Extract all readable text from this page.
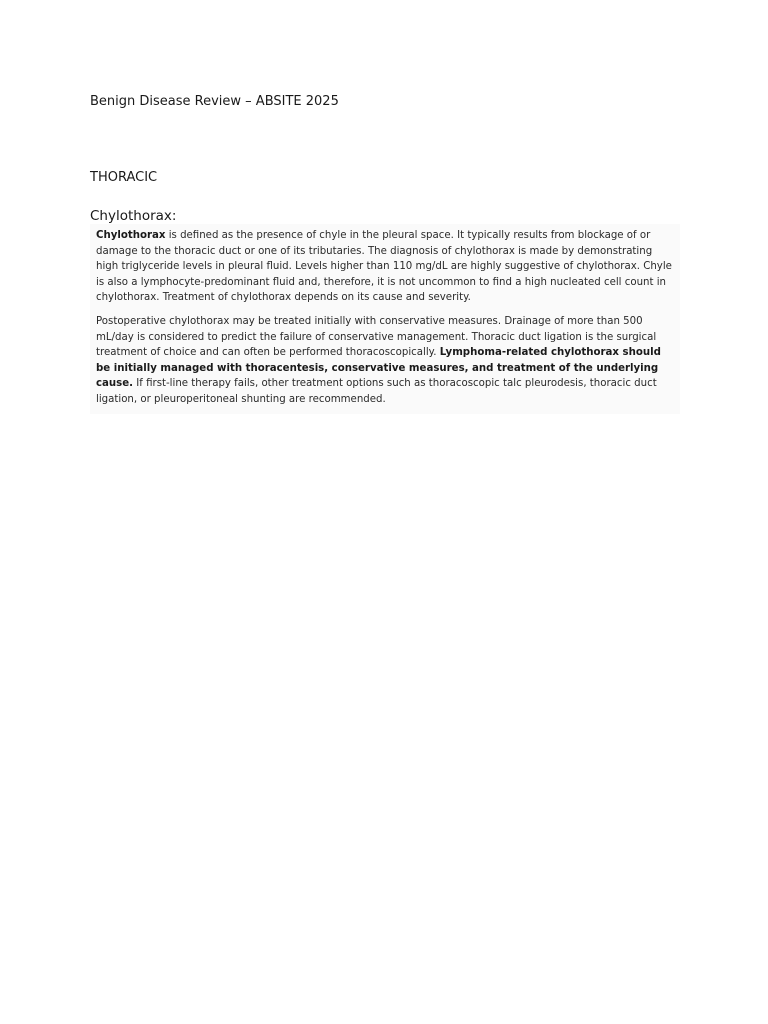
Benign Disease Review – ABSITE 2025
THORACIC
Chylothorax:

Chylothorax is defined as the presence of chyle in the pleural space. It typically results from blockage of or damage to the thoracic duct or one of its tributaries. The diagnosis of chylothorax is made by demonstrating high triglyceride levels in pleural fluid. Levels higher than 110 mg/dL are highly suggestive of chylothorax. Chyle is also a lymphocyte-predominant fluid and, therefore, it is not uncommon to find a high nucleated cell count in chylothorax. Treatment of chylothorax depends on its cause and severity.

Postoperative chylothorax may be treated initially with conservative measures. Drainage of more than 500 mL/day is considered to predict the failure of conservative management. Thoracic duct ligation is the surgical treatment of choice and can often be performed thoracoscopically. Lymphoma-related chylothorax should be initially managed with thoracentesis, conservative measures, and treatment of the underlying cause. If first-line therapy fails, other treatment options such as thoracoscopic talc pleurodesis, thoracic duct ligation, or pleuroperitoneal shunting are recommended.
